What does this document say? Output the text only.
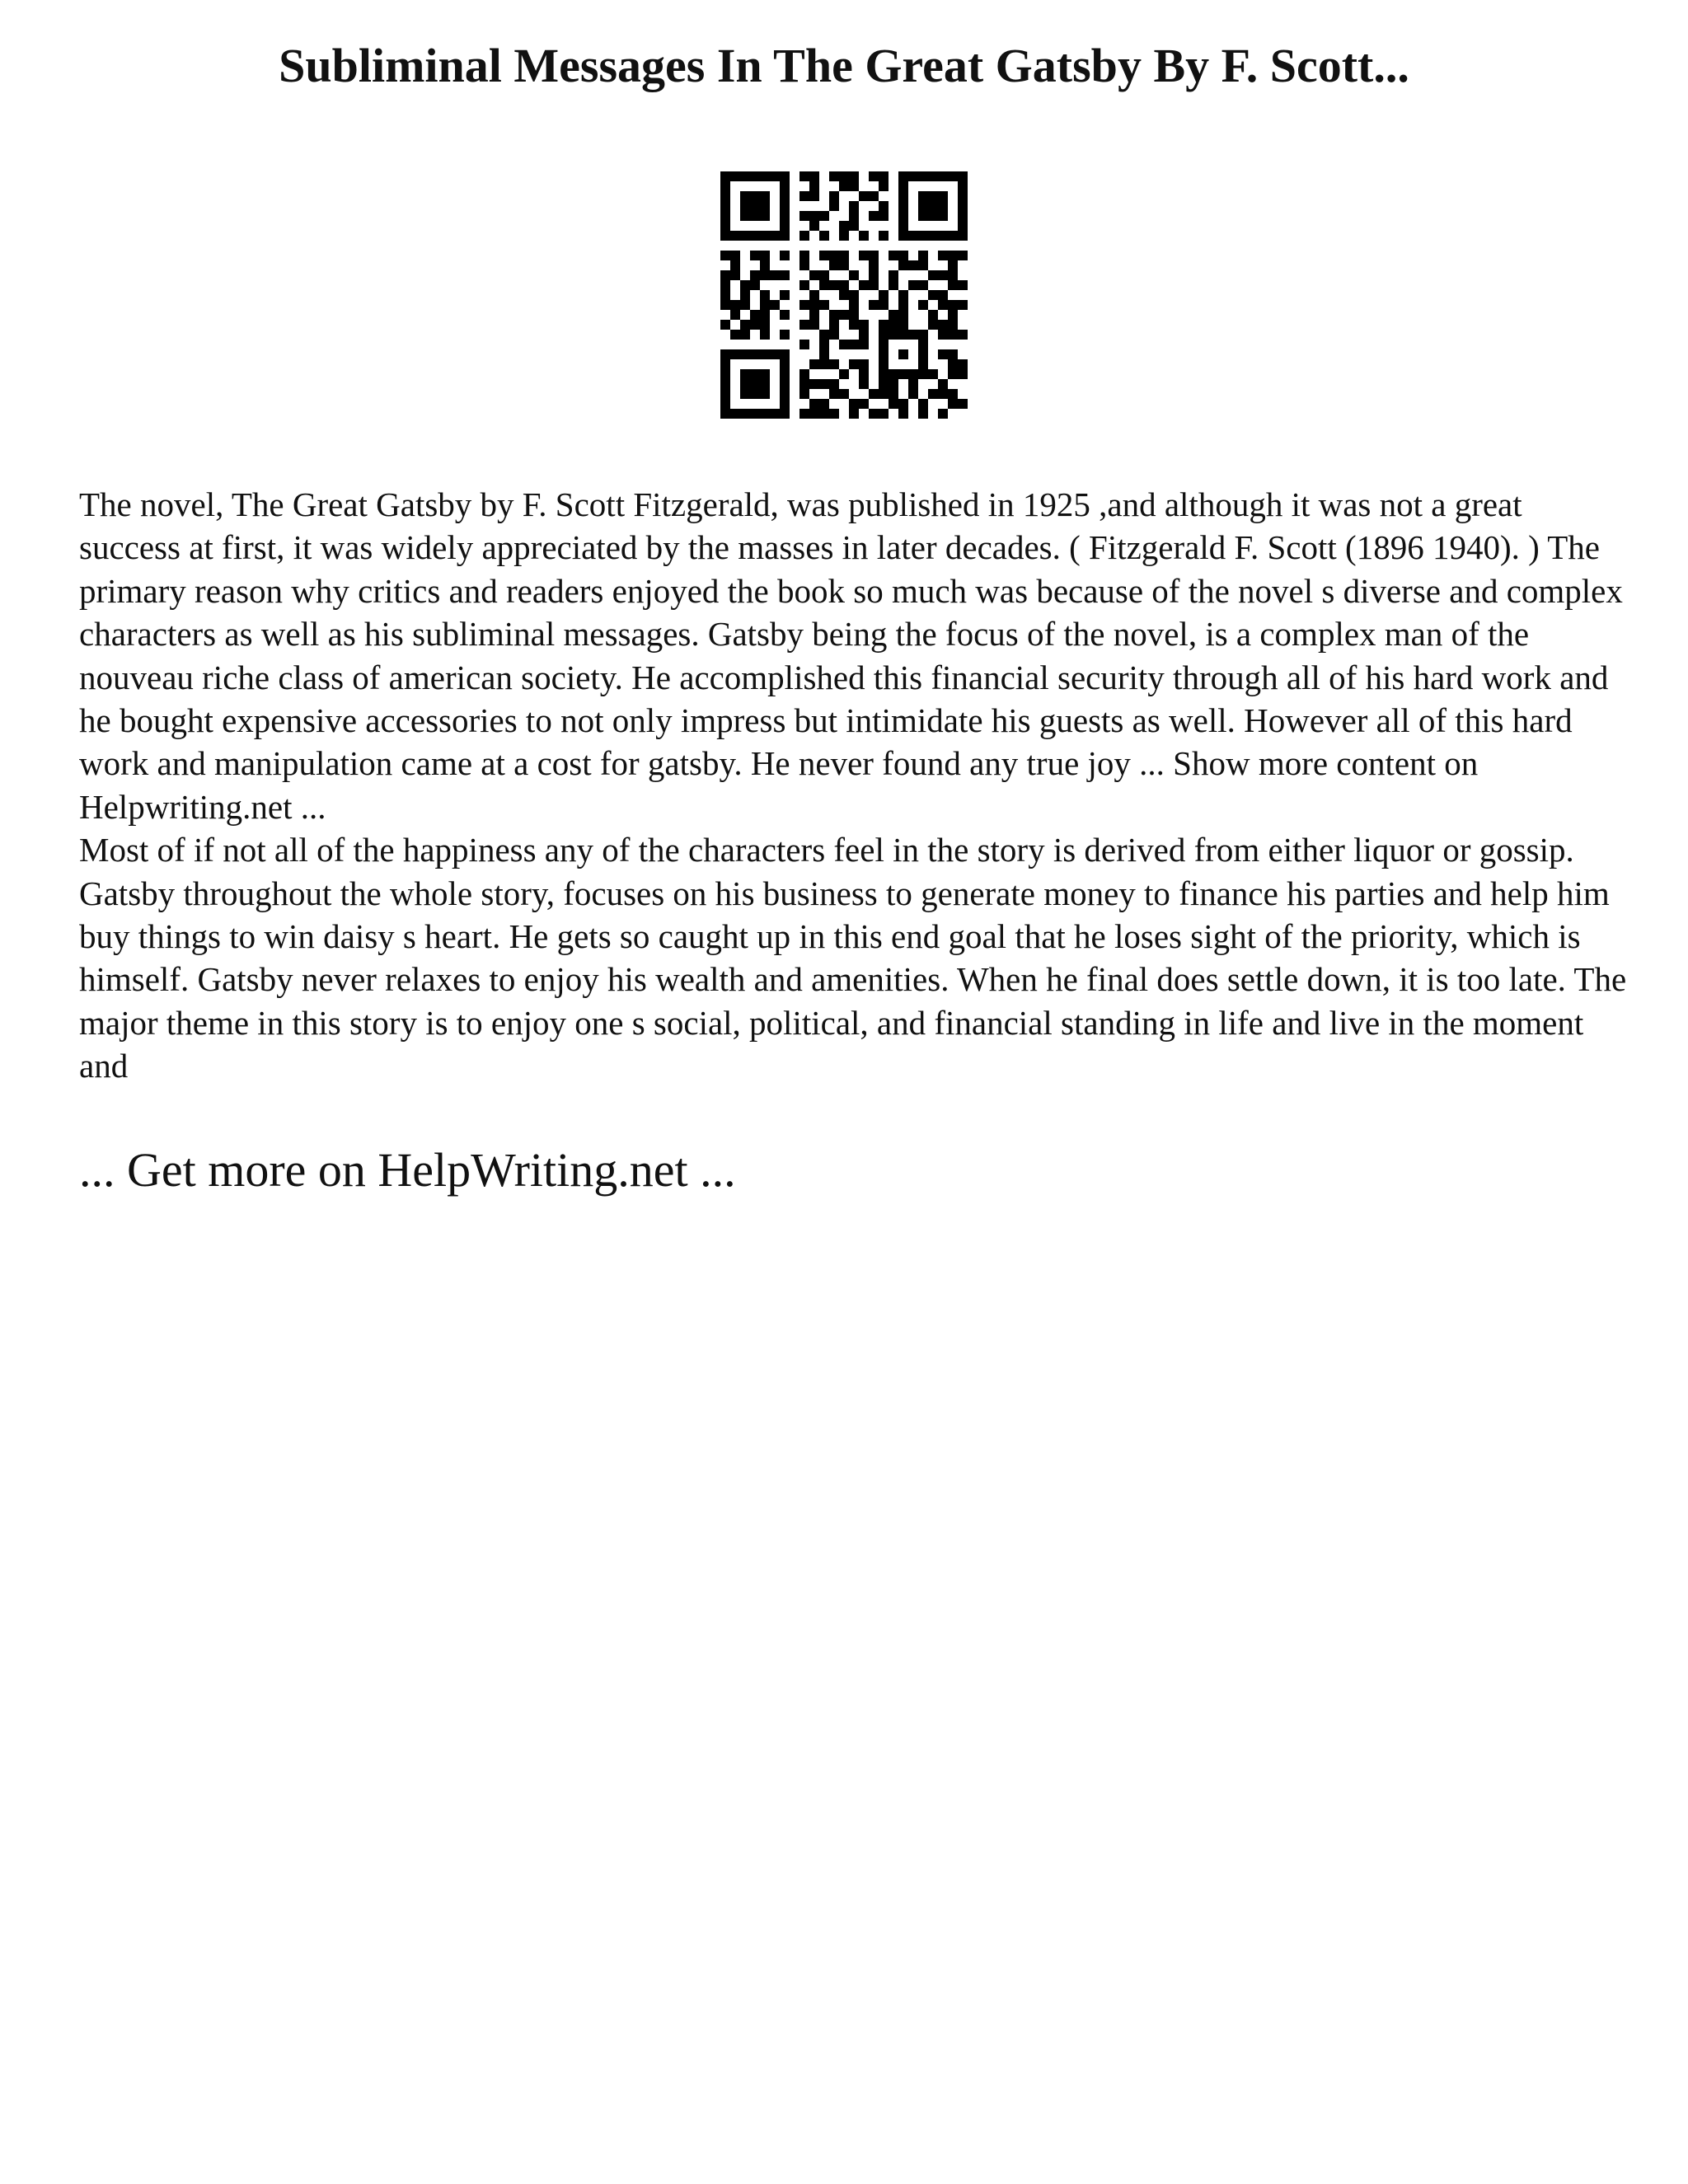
Subliminal Messages In The Great Gatsby By F. Scott...
The novel, The Great Gatsby by F. Scott Fitzgerald, was published in 1925 ,and although it was not a great success at first, it was widely appreciated by the masses in later decades. ( Fitzgerald F. Scott (1896 1940). ) The primary reason why critics and readers enjoyed the book so much was because of the novel s diverse and complex characters as well as his subliminal messages. Gatsby being the focus of the novel, is a complex man of the nouveau riche class of american society. He accomplished this financial security through all of his hard work and he bought expensive accessories to not only impress but intimidate his guests as well. However all of this hard work and manipulation came at a cost for gatsby. He never found any true joy ... Show more content on Helpwriting.net ...
Most of if not all of the happiness any of the characters feel in the story is derived from either liquor or gossip. Gatsby throughout the whole story, focuses on his business to generate money to finance his parties and help him buy things to win daisy s heart. He gets so caught up in this end goal that he loses sight of the priority, which is himself. Gatsby never relaxes to enjoy his wealth and amenities. When he final does settle down, it is too late. The major theme in this story is to enjoy one s social, political, and financial standing in life and live in the moment and
... Get more on HelpWriting.net ...
